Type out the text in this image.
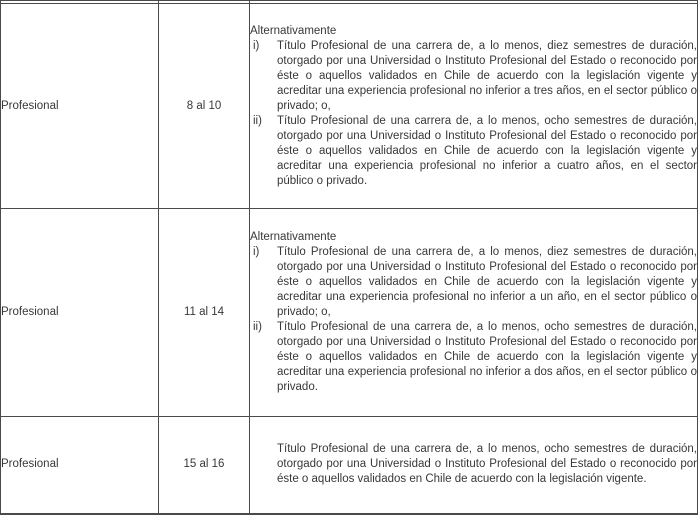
Profesional	8 al 10	Alternativamente
i) Título Profesional de una carrera de, a lo menos, diez semestres de duración, otorgado por una Universidad o Instituto Profesional del Estado o reconocido por éste o aquellos validados en Chile de acuerdo con la legislación vigente y acreditar una experiencia profesional no inferior a tres años, en el sector público o privado; o,
ii) Título Profesional de una carrera de, a lo menos, ocho semestres de duración, otorgado por una Universidad o Instituto Profesional del Estado o reconocido por éste o aquellos validados en Chile de acuerdo con la legislación vigente y acreditar una experiencia profesional no inferior a cuatro años, en el sector público o privado.

Profesional	11 al 14	Alternativamente
i) Título Profesional de una carrera de, a lo menos, diez semestres de duración, otorgado por una Universidad o Instituto Profesional del Estado o reconocido por éste o aquellos validados en Chile de acuerdo con la legislación vigente y acreditar una experiencia profesional no inferior a un año, en el sector público o privado; o,
ii) Título Profesional de una carrera de, a lo menos, ocho semestres de duración, otorgado por una Universidad o Instituto Profesional del Estado o reconocido por éste o aquellos validados en Chile de acuerdo con la legislación vigente y acreditar una experiencia profesional no inferior a dos años, en el sector público o privado.

Profesional	15 al 16	Título Profesional de una carrera de, a lo menos, ocho semestres de duración, otorgado por una Universidad o Instituto Profesional del Estado o reconocido por éste o aquellos validados en Chile de acuerdo con la legislación vigente.
